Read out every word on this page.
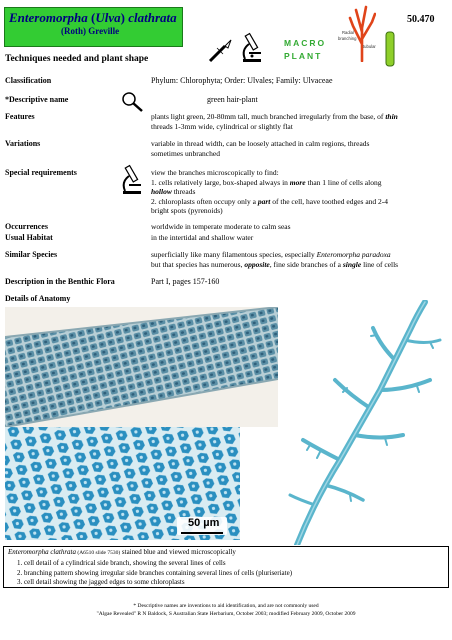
Enteromorpha (Ulva) clathrata
(Roth) Greville
50.470
Techniques needed and plant shape
MACRO
PLANT
Radial
branching
tubular
Classification	Phylum: Chlorophyta; Order: Ulvales; Family: Ulvaceae
*Descriptive name	green hair-plant
Features	plants light green, 20-80mm tall, much branched irregularly from the base, of thin
threads 1-3mm wide, cylindrical or slightly flat
Variations	variable in thread width, can be loosely attached in calm regions, threads
sometimes unbranched
Special requirements	view the branches microscopically to find:
1. cells relatively large, box-shaped always in more than 1 line of cells along
hollow threads
2. chloroplasts often occupy only a part of the cell, have toothed edges and 2-4
bright spots (pyrenoids)
Occurrences	worldwide in temperate moderate to calm seas
Usual Habitat	in the intertidal and shallow water
Similar Species	superficially like many filamentous species, especially Enteromorpha paradoxa
but that species has numerous, opposite, fine side branches of a single line of cells
Description in the Benthic Flora	Part I, pages 157-160
Details of Anatomy
50 µm
Enteromorpha clathrata (A6510 slide 7530) stained blue and viewed microscopically
1. cell detail of a cylindrical side branch, showing the several lines of cells
2. branching pattern showing irregular side branches containing several lines of cells (pluriseriate)
3. cell detail showing the jagged edges to some chloroplasts
* Descriptive names are inventions to aid identification, and are not commonly used
"Algae Revealed" R N Baldock, S Australian State Herbarium, October 2003; modified February 2009, October 2009
